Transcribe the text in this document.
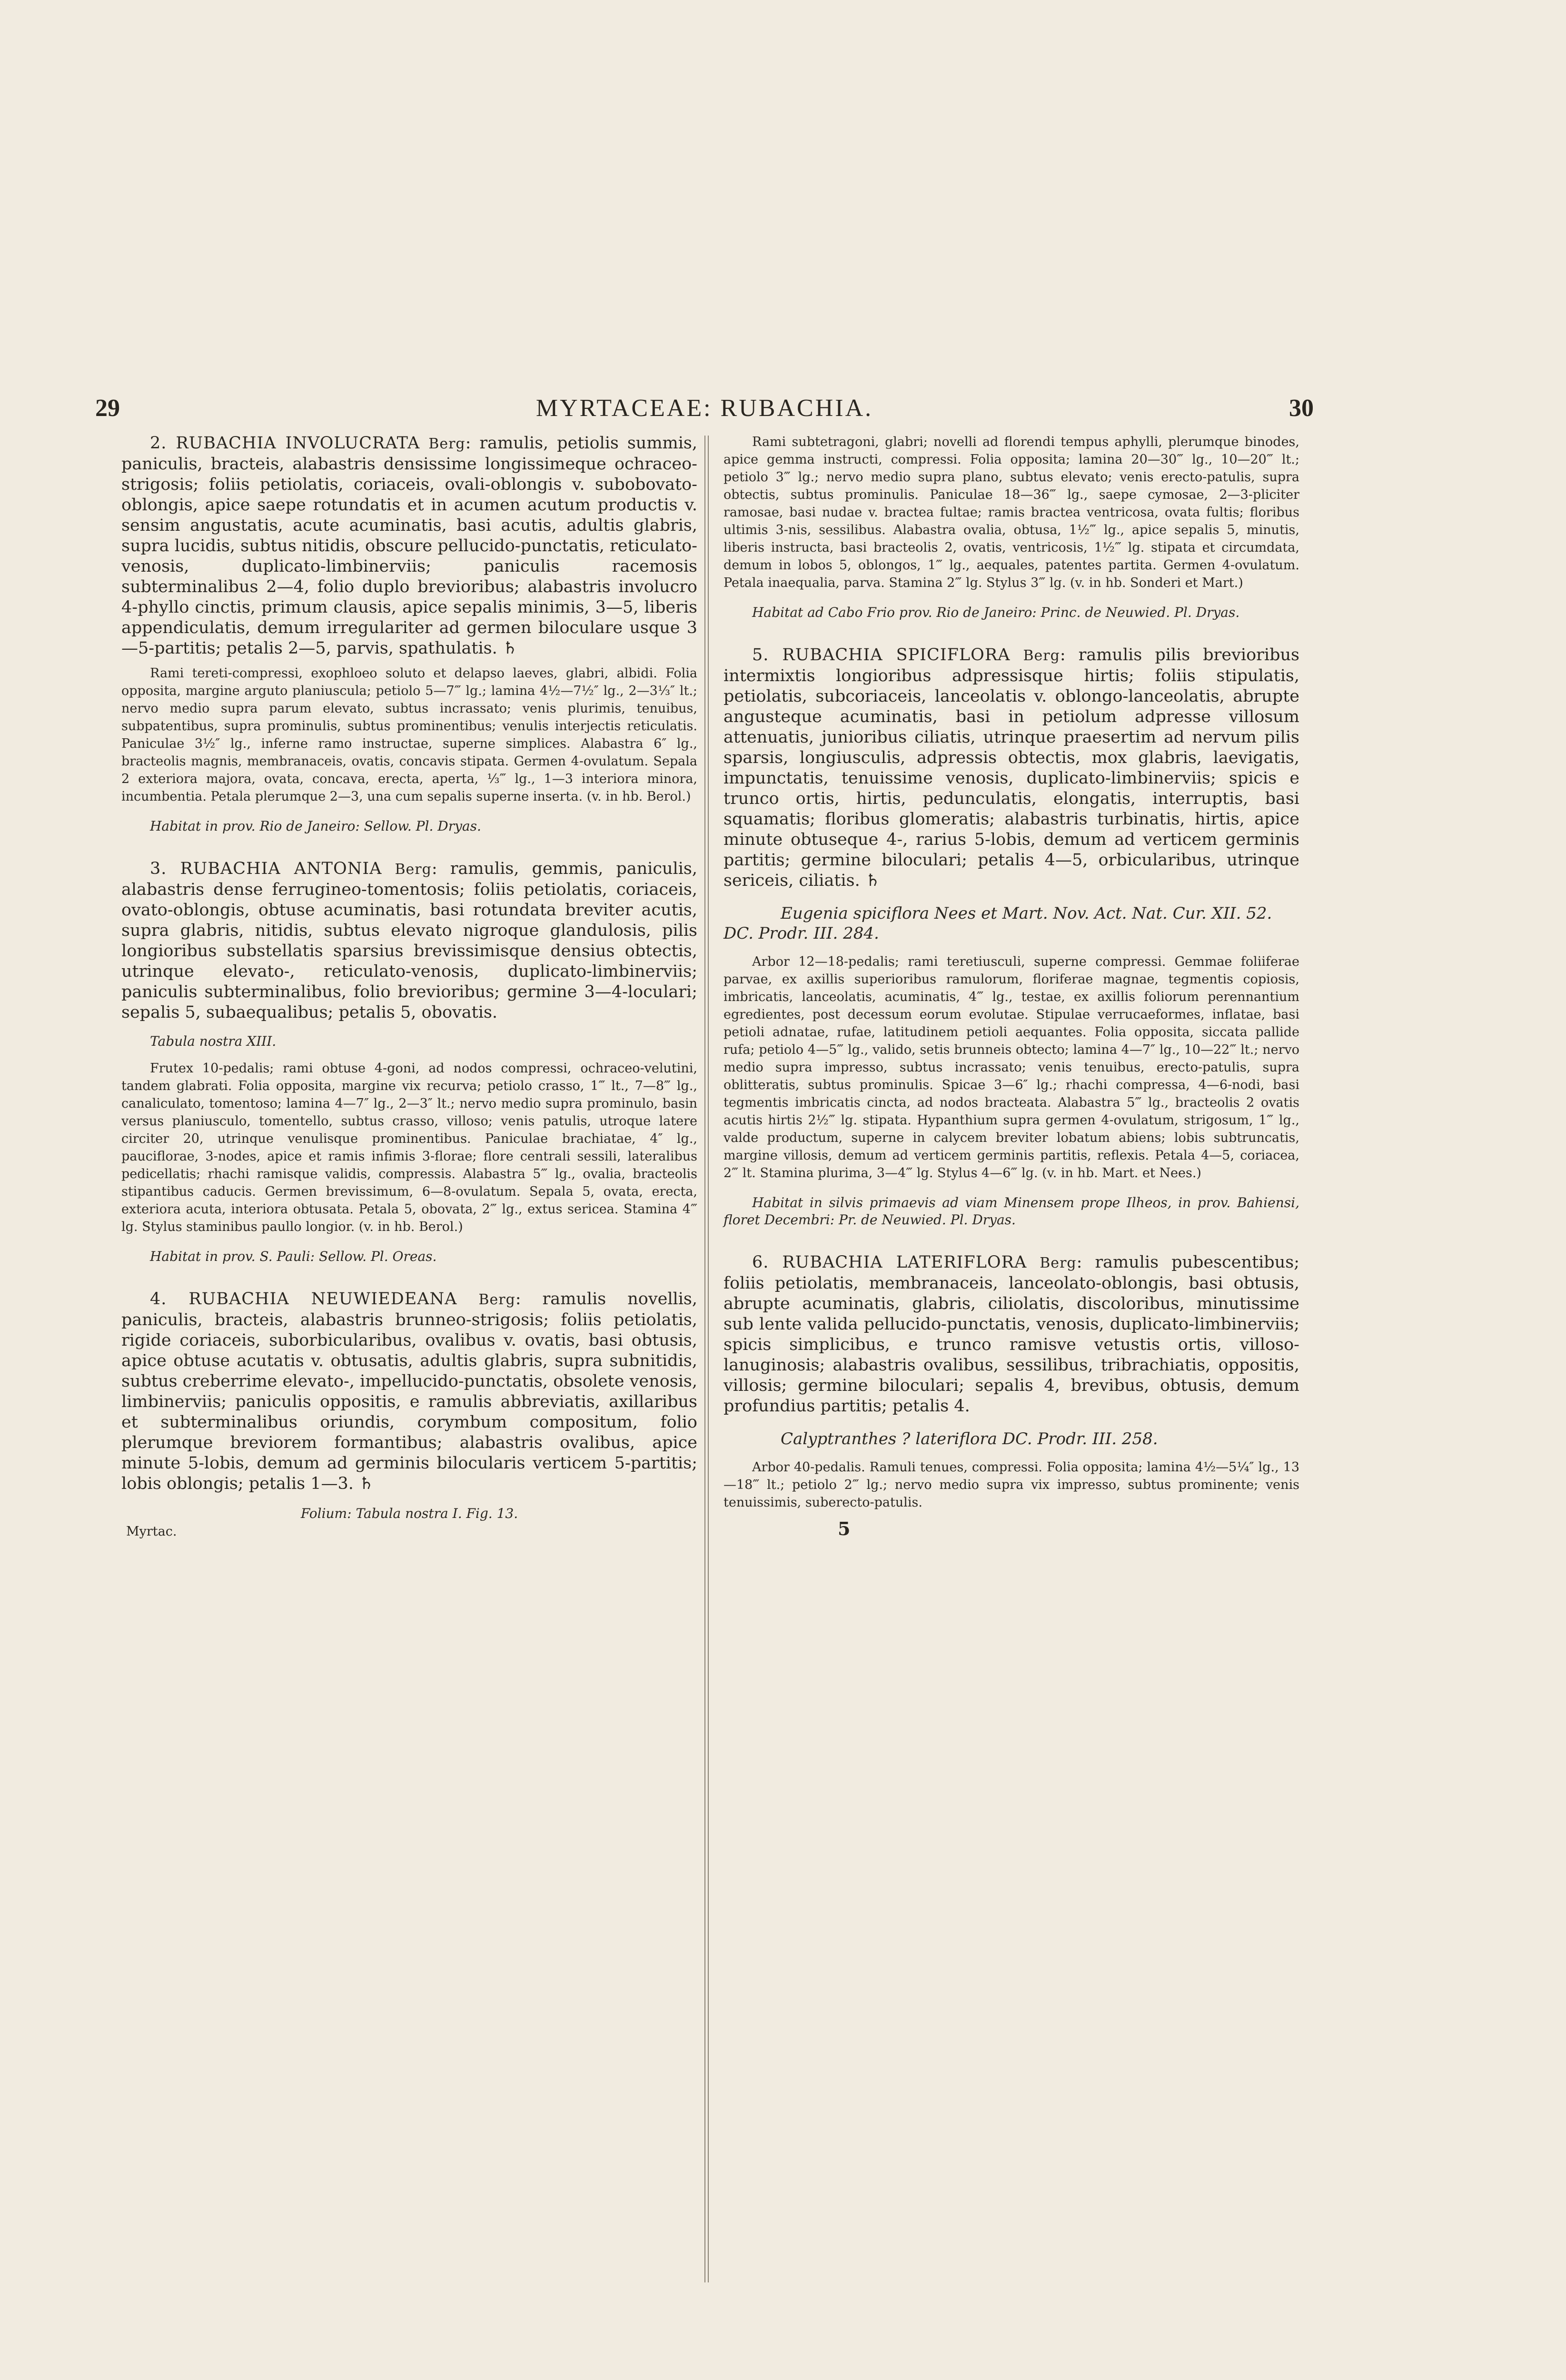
29	MYRTACEAE: RUBACHIA.	30

2. RUBACHIA INVOLUCRATA Berg: ramulis, petiolis summis, paniculis, bracteis, alabastris densissime longissimeque ochraceo-strigosis; foliis petiolatis, coriaceis, ovali-oblongis v. subobovato-oblongis, apice saepe rotundatis et in acumen acutum productis v. sensim angustatis, acute acuminatis, basi acutis, adultis glabris, supra lucidis, subtus nitidis, obscure pellucido-punctatis, reticulato-venosis, duplicato-limbinerviis; paniculis racemosis subterminalibus 2—4, folio duplo brevioribus; alabastris involucro 4-phyllo cinctis, primum clausis, apice sepalis minimis, 3—5, liberis appendiculatis, demum irregulariter ad germen biloculare usque 3—5-partitis; petalis 2—5, parvis, spathulatis. ♄

Rami tereti-compressi, exophloeo soluto et delapso laeves, glabri, albidi. Folia opposita, margine arguto planiuscula; petiolo 5—7‴ lg.; lamina 4½—7½″ lg., 2—3⅓″ lt.; nervo medio supra parum elevato, subtus incrassato; venis plurimis, tenuibus, subpatentibus, supra prominulis, subtus prominentibus; venulis interjectis reticulatis. Paniculae 3½″ lg., inferne ramo instructae, superne simplices. Alabastra 6″ lg., bracteolis magnis, membranaceis, ovatis, concavis stipata. Germen 4-ovulatum. Sepala 2 exteriora majora, ovata, concava, erecta, aperta, ⅓‴ lg., 1—3 interiora minora, incumbentia. Petala plerumque 2—3, una cum sepalis superne inserta. (v. in hb. Berol.)

Habitat in prov. Rio de Janeiro: Sellow. Pl. Dryas.

3. RUBACHIA ANTONIA Berg: ramulis, gemmis, paniculis, alabastris dense ferrugineo-tomentosis; foliis petiolatis, coriaceis, ovato-oblongis, obtuse acuminatis, basi rotundata breviter acutis, supra glabris, nitidis, subtus elevato nigroque glandulosis, pilis longioribus substellatis sparsius brevissimisque densius obtectis, utrinque elevato-, reticulato-venosis, duplicato-limbinerviis; paniculis subterminalibus, folio brevioribus; germine 3—4-loculari; sepalis 5, subaequalibus; petalis 5, obovatis.

Tabula nostra XIII.

Frutex 10-pedalis; rami obtuse 4-goni, ad nodos compressi, ochraceo-velutini, tandem glabrati. Folia opposita, margine vix recurva; petiolo crasso, 1‴ lt., 7—8‴ lg., canaliculato, tomentoso; lamina 4—7″ lg., 2—3″ lt.; nervo medio supra prominulo, basin versus planiusculo, tomentello, subtus crasso, villoso; venis patulis, utroque latere circiter 20, utrinque venulisque prominentibus. Paniculae brachiatae, 4″ lg., pauciflorae, 3-nodes, apice et ramis infimis 3-florae; flore centrali sessili, lateralibus pedicellatis; rhachi ramisque validis, compressis. Alabastra 5‴ lg., ovalia, bracteolis stipantibus caducis. Germen brevissimum, 6—8-ovulatum. Sepala 5, ovata, erecta, exteriora acuta, interiora obtusata. Petala 5, obovata, 2‴ lg., extus sericea. Stamina 4‴ lg. Stylus staminibus paullo longior. (v. in hb. Berol.)

Habitat in prov. S. Pauli: Sellow. Pl. Oreas.

4. RUBACHIA NEUWIEDEANA Berg: ramulis novellis, paniculis, bracteis, alabastris brunneo-strigosis; foliis petiolatis, rigide coriaceis, suborbicularibus, ovalibus v. ovatis, basi obtusis, apice obtuse acutatis v. obtusatis, adultis glabris, supra subnitidis, subtus creberrime elevato-, impellucido-punctatis, obsolete venosis, limbinerviis; paniculis oppositis, e ramulis abbreviatis, axillaribus et subterminalibus oriundis, corymbum compositum, folio plerumque breviorem formantibus; alabastris ovalibus, apice minute 5-lobis, demum ad germinis bilocularis verticem 5-partitis; lobis oblongis; petalis 1—3. ♄

Folium: Tabula nostra I. Fig. 13.

Myrtac.

Rami subtetragoni, glabri; novelli ad florendi tempus aphylli, plerumque binodes, apice gemma instructi, compressi. Folia opposita; lamina 20—30‴ lg., 10—20‴ lt.; petiolo 3‴ lg.; nervo medio supra plano, subtus elevato; venis erecto-patulis, supra obtectis, subtus prominulis. Paniculae 18—36‴ lg., saepe cymosae, 2—3-pliciter ramosae, basi nudae v. bractea fultae; ramis bractea ventricosa, ovata fultis; floribus ultimis 3-nis, sessilibus. Alabastra ovalia, obtusa, 1½‴ lg., apice sepalis 5, minutis, liberis instructa, basi bracteolis 2, ovatis, ventricosis, 1½‴ lg. stipata et circumdata, demum in lobos 5, oblongos, 1‴ lg., aequales, patentes partita. Germen 4-ovulatum. Petala inaequalia, parva. Stamina 2‴ lg. Stylus 3‴ lg. (v. in hb. Sonderi et Mart.)

Habitat ad Cabo Frio prov. Rio de Janeiro: Princ. de Neuwied. Pl. Dryas.

5. RUBACHIA SPICIFLORA Berg: ramulis pilis brevioribus intermixtis longioribus adpressisque hirtis; foliis stipulatis, petiolatis, subcoriaceis, lanceolatis v. oblongo-lanceolatis, abrupte angusteque acuminatis, basi in petiolum adpresse villosum attenuatis, junioribus ciliatis, utrinque praesertim ad nervum pilis sparsis, longiusculis, adpressis obtectis, mox glabris, laevigatis, impunctatis, tenuissime venosis, duplicato-limbinerviis; spicis e trunco ortis, hirtis, pedunculatis, elongatis, interruptis, basi squamatis; floribus glomeratis; alabastris turbinatis, hirtis, apice minute obtuseque 4-, rarius 5-lobis, demum ad verticem germinis partitis; germine biloculari; petalis 4—5, orbicularibus, utrinque sericeis, ciliatis. ♄

Eugenia spiciflora Nees et Mart. Nov. Act. Nat. Cur. XII. 52. DC. Prodr. III. 284.

Arbor 12—18-pedalis; rami teretiusculi, superne compressi. Gemmae foliiferae parvae, ex axillis superioribus ramulorum, floriferae magnae, tegmentis copiosis, imbricatis, lanceolatis, acuminatis, 4‴ lg., testae, ex axillis foliorum perennantium egredientes, post decessum eorum evolutae. Stipulae verrucaeformes, inflatae, basi petioli adnatae, rufae, latitudinem petioli aequantes. Folia opposita, siccata pallide rufa; petiolo 4—5‴ lg., valido, setis brunneis obtecto; lamina 4—7″ lg., 10—22‴ lt.; nervo medio supra impresso, subtus incrassato; venis tenuibus, erecto-patulis, supra oblitteratis, subtus prominulis. Spicae 3—6″ lg.; rhachi compressa, 4—6-nodi, basi tegmentis imbricatis cincta, ad nodos bracteata. Alabastra 5‴ lg., bracteolis 2 ovatis acutis hirtis 2½‴ lg. stipata. Hypanthium supra germen 4-ovulatum, strigosum, 1‴ lg., valde productum, superne in calycem breviter lobatum abiens; lobis subtruncatis, margine villosis, demum ad verticem germinis partitis, reflexis. Petala 4—5, coriacea, 2‴ lt. Stamina plurima, 3—4‴ lg. Stylus 4—6‴ lg. (v. in hb. Mart. et Nees.)

Habitat in silvis primaevis ad viam Minensem prope Ilheos, in prov. Bahiensi, floret Decembri: Pr. de Neuwied. Pl. Dryas.

6. RUBACHIA LATERIFLORA Berg: ramulis pubescentibus; foliis petiolatis, membranaceis, lanceolato-oblongis, basi obtusis, abrupte acuminatis, glabris, ciliolatis, discoloribus, minutissime sub lente valida pellucido-punctatis, venosis, duplicato-limbinerviis; spicis simplicibus, e trunco ramisve vetustis ortis, villoso-lanuginosis; alabastris ovalibus, sessilibus, tribrachiatis, oppositis, villosis; germine biloculari; sepalis 4, brevibus, obtusis, demum profundius partitis; petalis 4.

Calyptranthes ? lateriflora DC. Prodr. III. 258.

Arbor 40-pedalis. Ramuli tenues, compressi. Folia opposita; lamina 4½—5¼″ lg., 13—18‴ lt.; petiolo 2‴ lg.; nervo medio supra vix impresso, subtus prominente; venis tenuissimis, suberecto-patulis.

5
